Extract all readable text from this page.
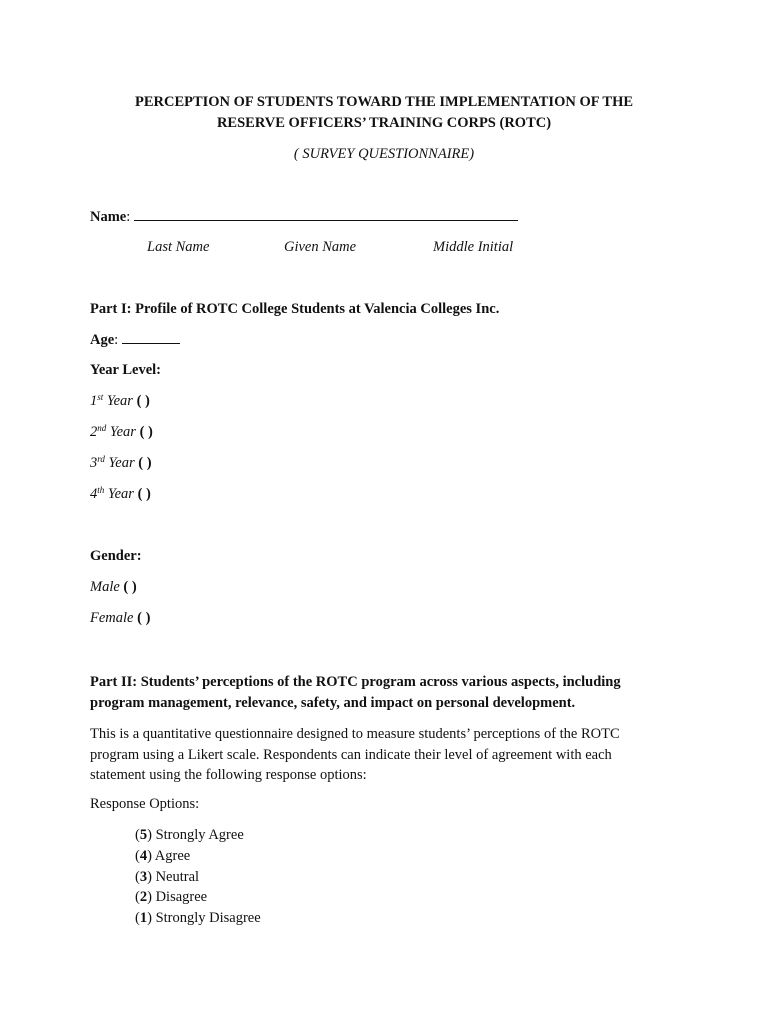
PERCEPTION OF STUDENTS TOWARD THE IMPLEMENTATION OF THE
RESERVE OFFICERS’ TRAINING CORPS (ROTC)
( SURVEY QUESTIONNAIRE)
Name:
Last Name	Given Name	Middle Initial
Part I: Profile of ROTC College Students at Valencia Colleges Inc.
Age:
Year Level:
1st Year ( )
2nd Year ( )
3rd Year ( )
4th Year ( )
Gender:
Male ( )
Female ( )
Part II: Students’ perceptions of the ROTC program across various aspects, including program management, relevance, safety, and impact on personal development.
This is a quantitative questionnaire designed to measure students’ perceptions of the ROTC program using a Likert scale. Respondents can indicate their level of agreement with each statement using the following response options:
Response Options:
(5) Strongly Agree
(4) Agree
(3) Neutral
(2) Disagree
(1) Strongly Disagree
